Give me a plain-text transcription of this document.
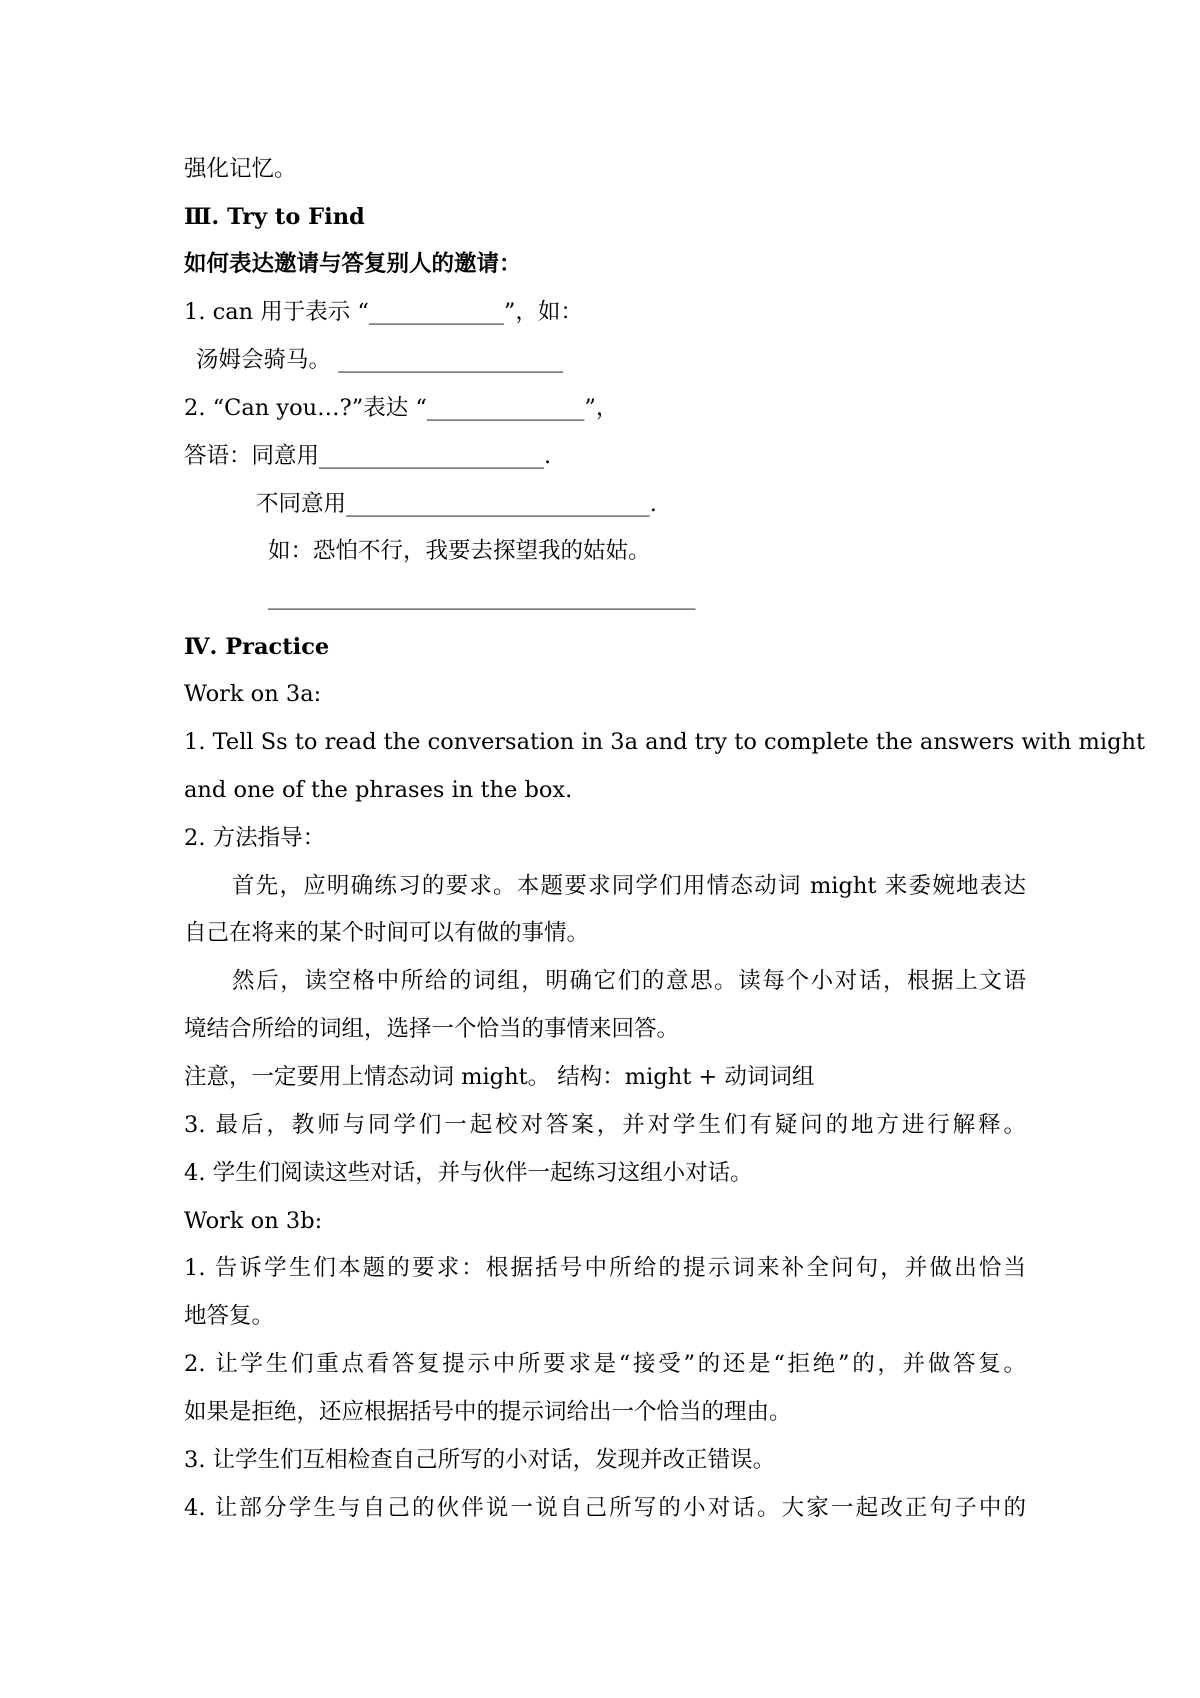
强化记忆。
Ⅲ. Try to Find
如何表达邀请与答复别人的邀请：
1. can 用于表示 “____________”，如：
汤姆会骑马。 ____________________
2. “Can you…?”表达 “______________”，
答语：同意用____________________.
不同意用___________________________.
如：恐怕不行，我要去探望我的姑姑。
______________________________________
Ⅳ. Practice
Work on 3a:
1. Tell Ss to read the conversation in 3a and try to complete the answers with might
and one of the phrases in the box.
2. 方法指导：
首先，应明确练习的要求。本题要求同学们用情态动词 might 来委婉地表达
自己在将来的某个时间可以有做的事情。
然后，读空格中所给的词组，明确它们的意思。读每个小对话，根据上文语
境结合所给的词组，选择一个恰当的事情来回答。
注意，一定要用上情态动词 might。 结构：might + 动词词组
3. 最后，教师与同学们一起校对答案，并对学生们有疑问的地方进行解释。
4. 学生们阅读这些对话，并与伙伴一起练习这组小对话。
Work on 3b:
1. 告诉学生们本题的要求：根据括号中所给的提示词来补全问句，并做出恰当
地答复。
2. 让学生们重点看答复提示中所要求是“接受”的还是“拒绝”的，并做答复。
如果是拒绝，还应根据括号中的提示词给出一个恰当的理由。
3. 让学生们互相检查自己所写的小对话，发现并改正错误。
4. 让部分学生与自己的伙伴说一说自己所写的小对话。大家一起改正句子中的
